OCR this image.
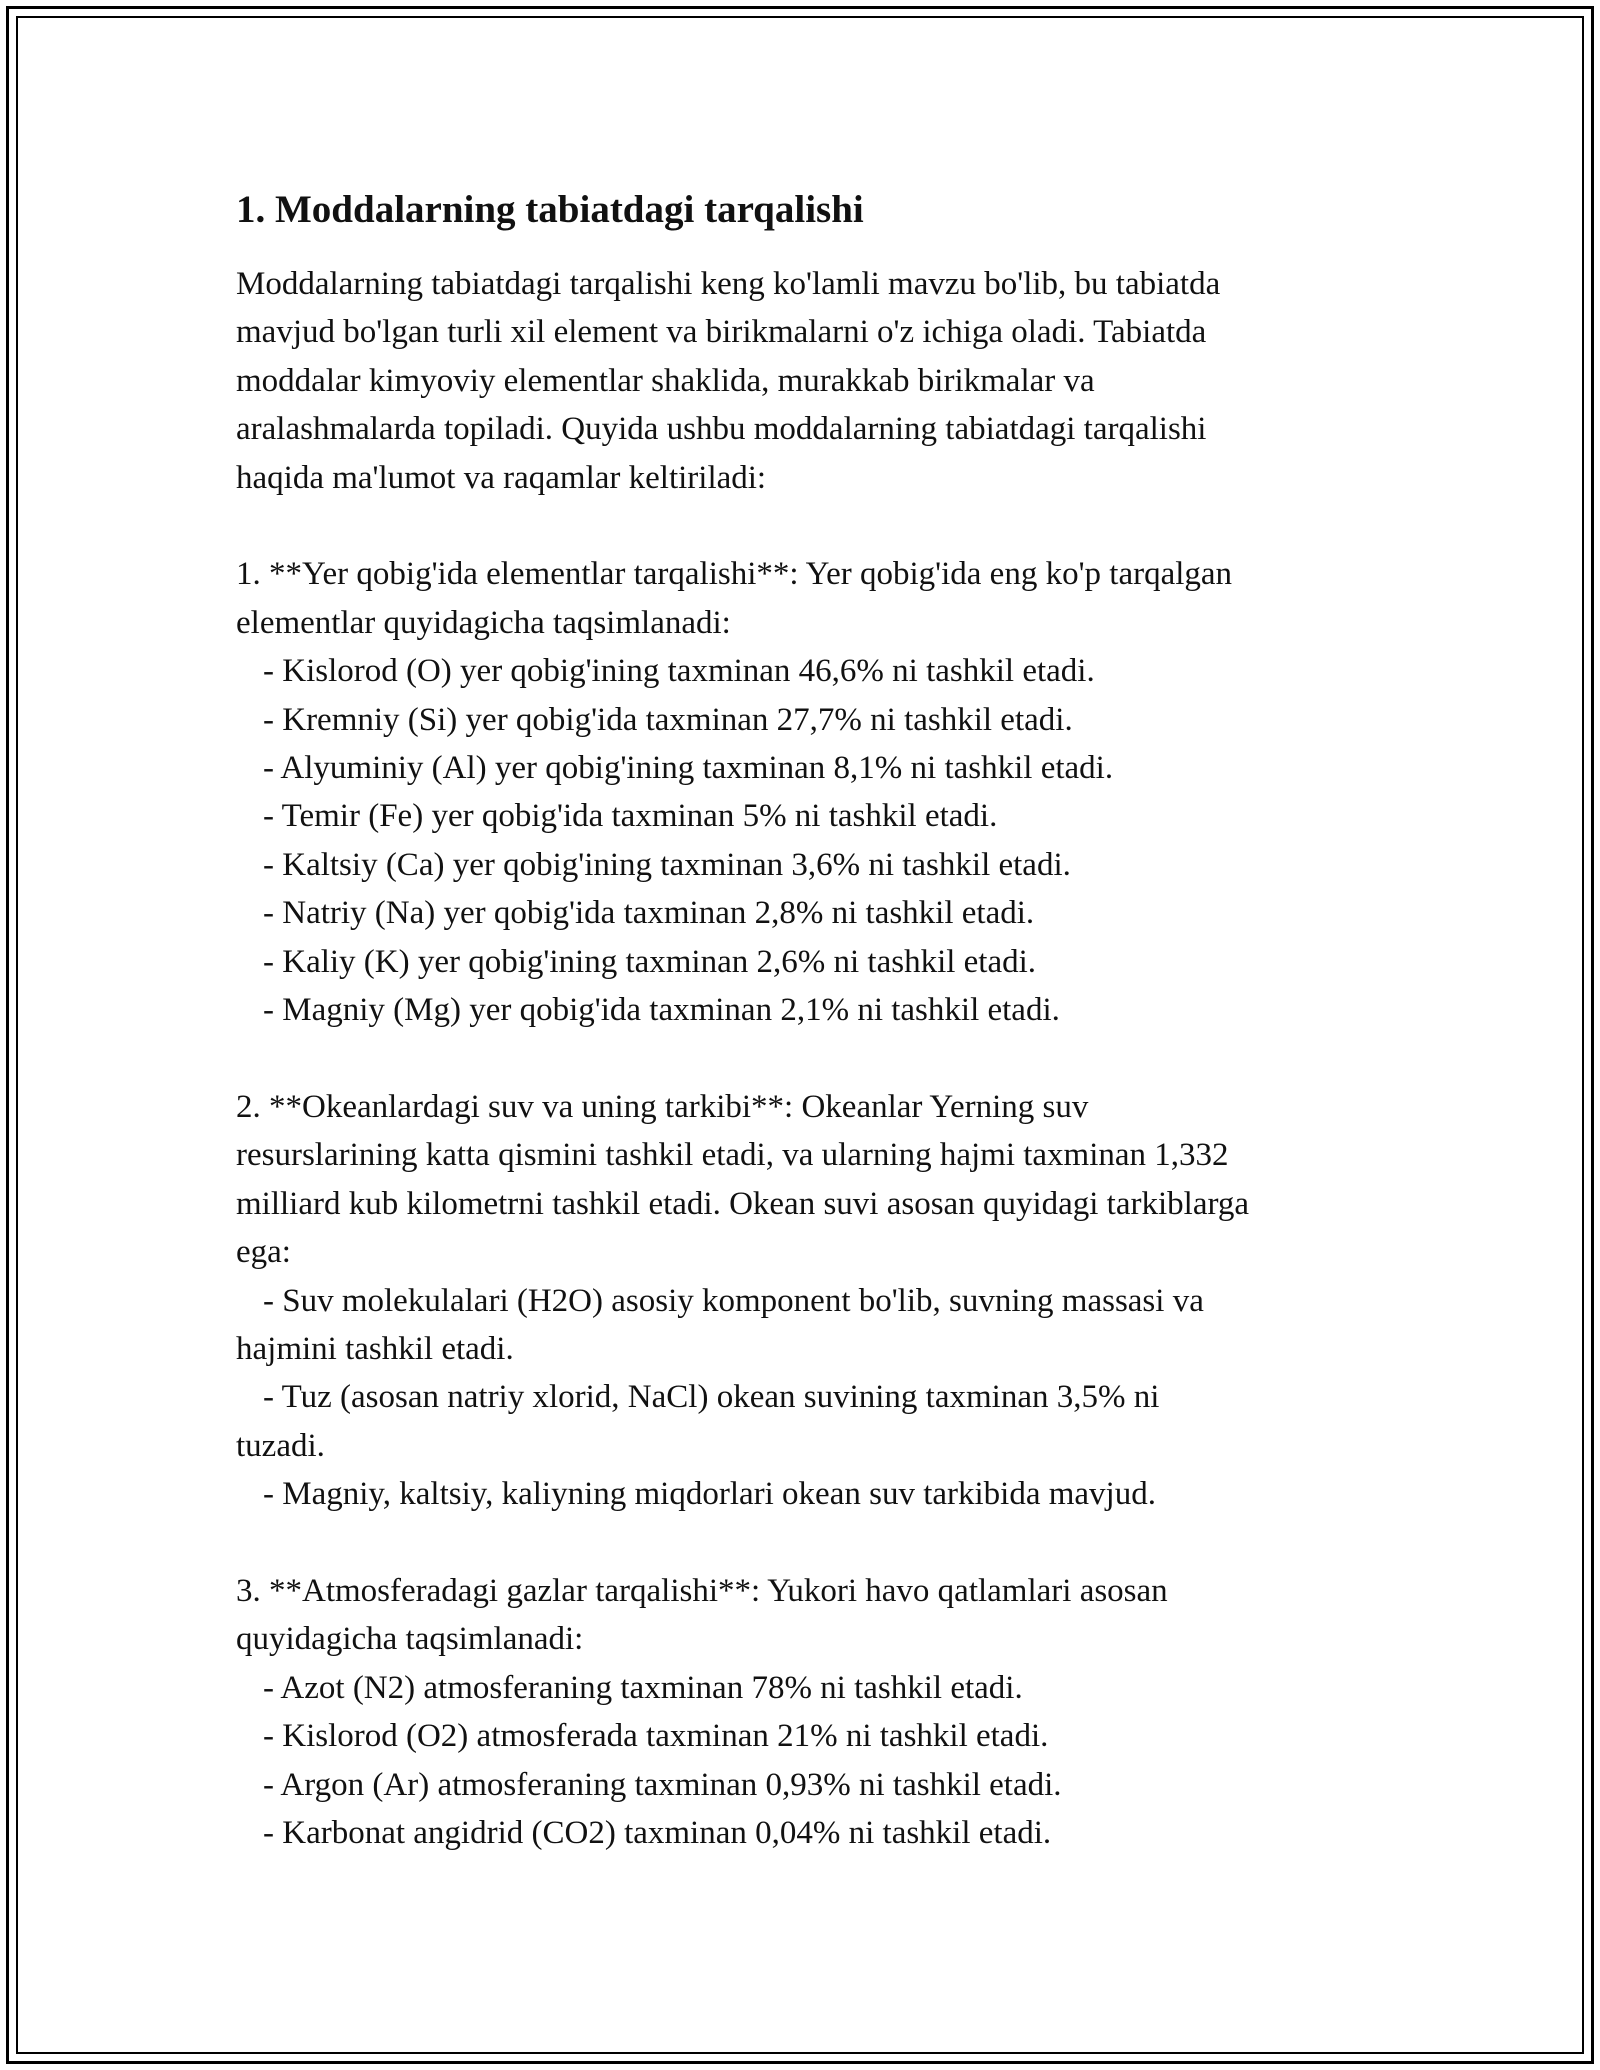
1. Moddalarning tabiatdagi tarqalishi
Moddalarning tabiatdagi tarqalishi keng ko'lamli mavzu bo'lib, bu tabiatda
mavjud bo'lgan turli xil element va birikmalarni o'z ichiga oladi. Tabiatda
moddalar kimyoviy elementlar shaklida, murakkab birikmalar va
aralashmalarda topiladi. Quyida ushbu moddalarning tabiatdagi tarqalishi
haqida ma'lumot va raqamlar keltiriladi:
1. **Yer qobig'ida elementlar tarqalishi**: Yer qobig'ida eng ko'p tarqalgan
elementlar quyidagicha taqsimlanadi:
- Kislorod (O) yer qobig'ining taxminan 46,6% ni tashkil etadi.
- Kremniy (Si) yer qobig'ida taxminan 27,7% ni tashkil etadi.
- Alyuminiy (Al) yer qobig'ining taxminan 8,1% ni tashkil etadi.
- Temir (Fe) yer qobig'ida taxminan 5% ni tashkil etadi.
- Kaltsiy (Ca) yer qobig'ining taxminan 3,6% ni tashkil etadi.
- Natriy (Na) yer qobig'ida taxminan 2,8% ni tashkil etadi.
- Kaliy (K) yer qobig'ining taxminan 2,6% ni tashkil etadi.
- Magniy (Mg) yer qobig'ida taxminan 2,1% ni tashkil etadi.
2. **Okeanlardagi suv va uning tarkibi**: Okeanlar Yerning suv
resurslarining katta qismini tashkil etadi, va ularning hajmi taxminan 1,332
milliard kub kilometrni tashkil etadi. Okean suvi asosan quyidagi tarkiblarga
ega:
- Suv molekulalari (H2O) asosiy komponent bo'lib, suvning massasi va
hajmini tashkil etadi.
- Tuz (asosan natriy xlorid, NaCl) okean suvining taxminan 3,5% ni
tuzadi.
- Magniy, kaltsiy, kaliyning miqdorlari okean suv tarkibida mavjud.
3. **Atmosferadagi gazlar tarqalishi**: Yukori havo qatlamlari asosan
quyidagicha taqsimlanadi:
- Azot (N2) atmosferaning taxminan 78% ni tashkil etadi.
- Kislorod (O2) atmosferada taxminan 21% ni tashkil etadi.
- Argon (Ar) atmosferaning taxminan 0,93% ni tashkil etadi.
- Karbonat angidrid (CO2) taxminan 0,04% ni tashkil etadi.
